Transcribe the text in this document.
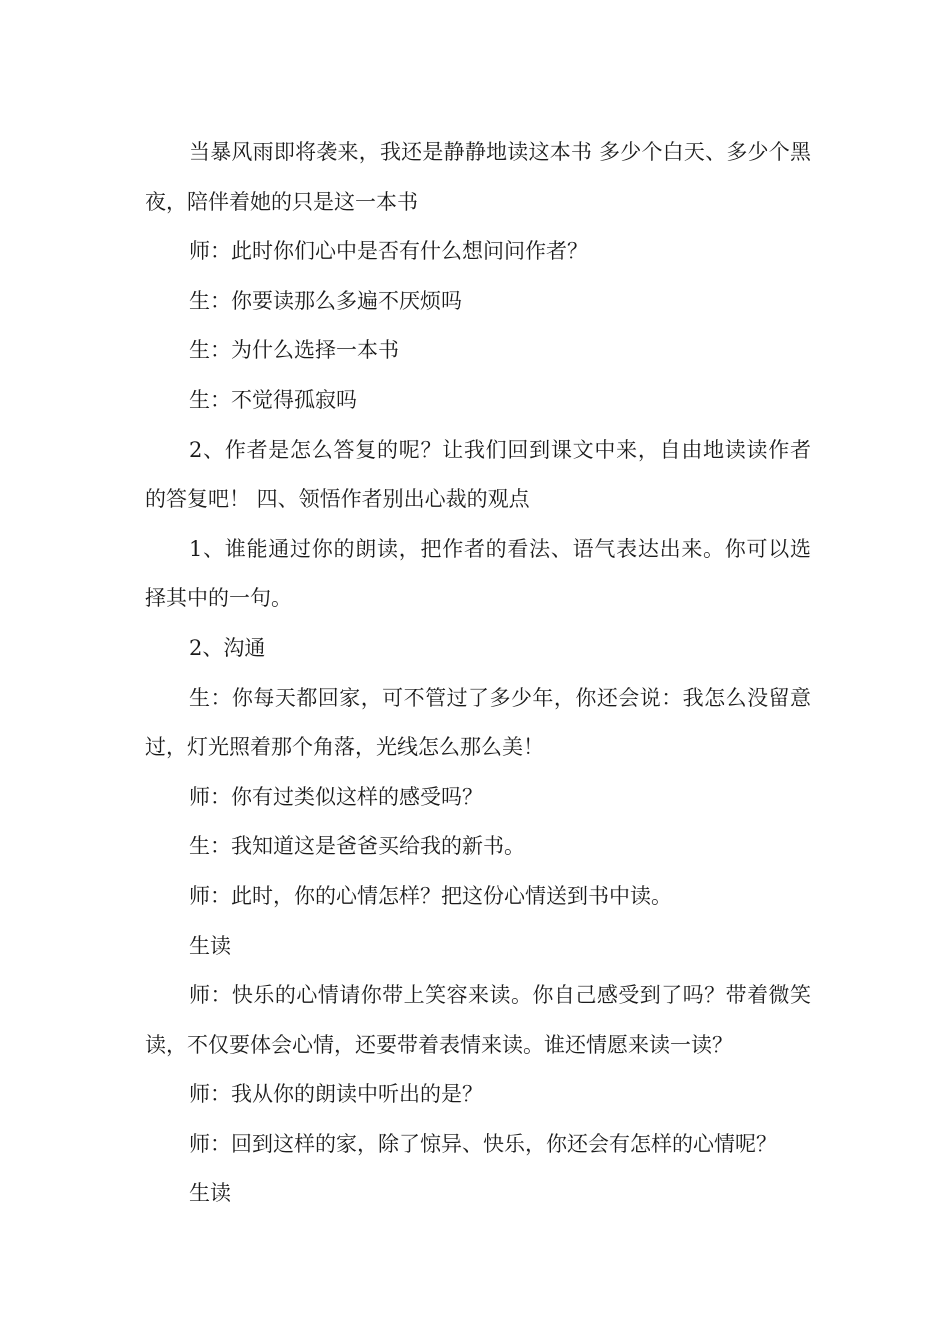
当暴风雨即将袭来，我还是静静地读这本书 多少个白天、多少个黑夜，陪伴着她的只是这一本书

师：此时你们心中是否有什么想问问作者？

生：你要读那么多遍不厌烦吗

生：为什么选择一本书

生：不觉得孤寂吗

2、作者是怎么答复的呢？让我们回到课文中来，自由地读读作者的答复吧！ 四、领悟作者别出心裁的观点

1、谁能通过你的朗读，把作者的看法、语气表达出来。你可以选择其中的一句。

2、沟通

生：你每天都回家，可不管过了多少年，你还会说：我怎么没留意过，灯光照着那个角落，光线怎么那么美！

师：你有过类似这样的感受吗？

生：我知道这是爸爸买给我的新书。

师：此时，你的心情怎样？把这份心情送到书中读。

生读

师：快乐的心情请你带上笑容来读。你自己感受到了吗？带着微笑读，不仅要体会心情，还要带着表情来读。谁还情愿来读一读？

师：我从你的朗读中听出的是？

师：回到这样的家，除了惊异、快乐，你还会有怎样的心情呢？

生读
